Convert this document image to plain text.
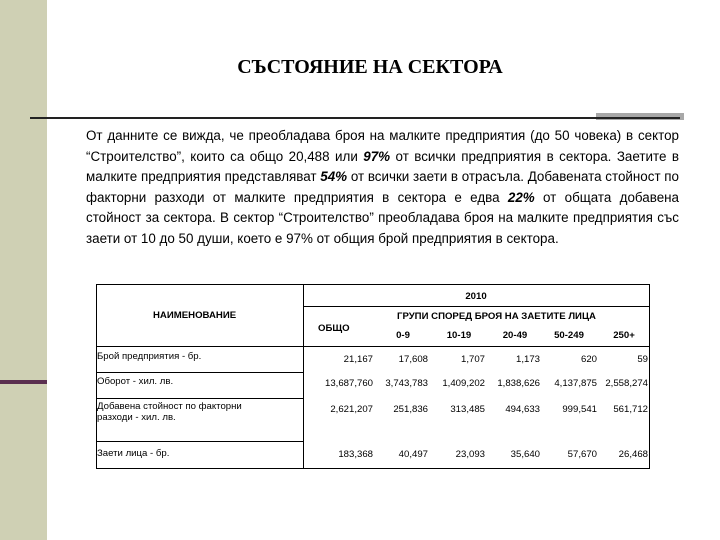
СЪСТОЯНИЕ НА СЕКТОРА

От данните се вижда, че преобладава броя на малките предприятия (до 50 човека) в сектор “Строителство”, които са общо 20,488 или 97% от всички предприятия в сектора. Заетите в малките предприятия представляват 54% от всички заети в отрасъла. Добавената стойност по факторни разходи от малките предприятия в сектора е едва 22% от общата добавена стойност за сектора. В сектор “Строителство” преобладава броя на малките предприятия със заети от 10 до 50 души, което е 97% от общия брой предприятия в сектора.

2010
НАИМЕНОВАНИЕ
ОБЩО
ГРУПИ СПОРЕД БРОЯ НА ЗАЕТИТЕ ЛИЦА
0-9	10-19	20-49	50-249	250+
Брой предприятия - бр.	21,167	17,608	1,707	1,173	620	59
Оборот - хил. лв.	13,687,760	3,743,783	1,409,202	1,838,626	4,137,875 2,558,274
Добавена стойност по факторни
разходи - хил. лв.
2,621,207	251,836	313,485	494,633	999,541	561,712
Заети лица - бр.	183,368	40,497	23,093	35,640	57,670	26,468
